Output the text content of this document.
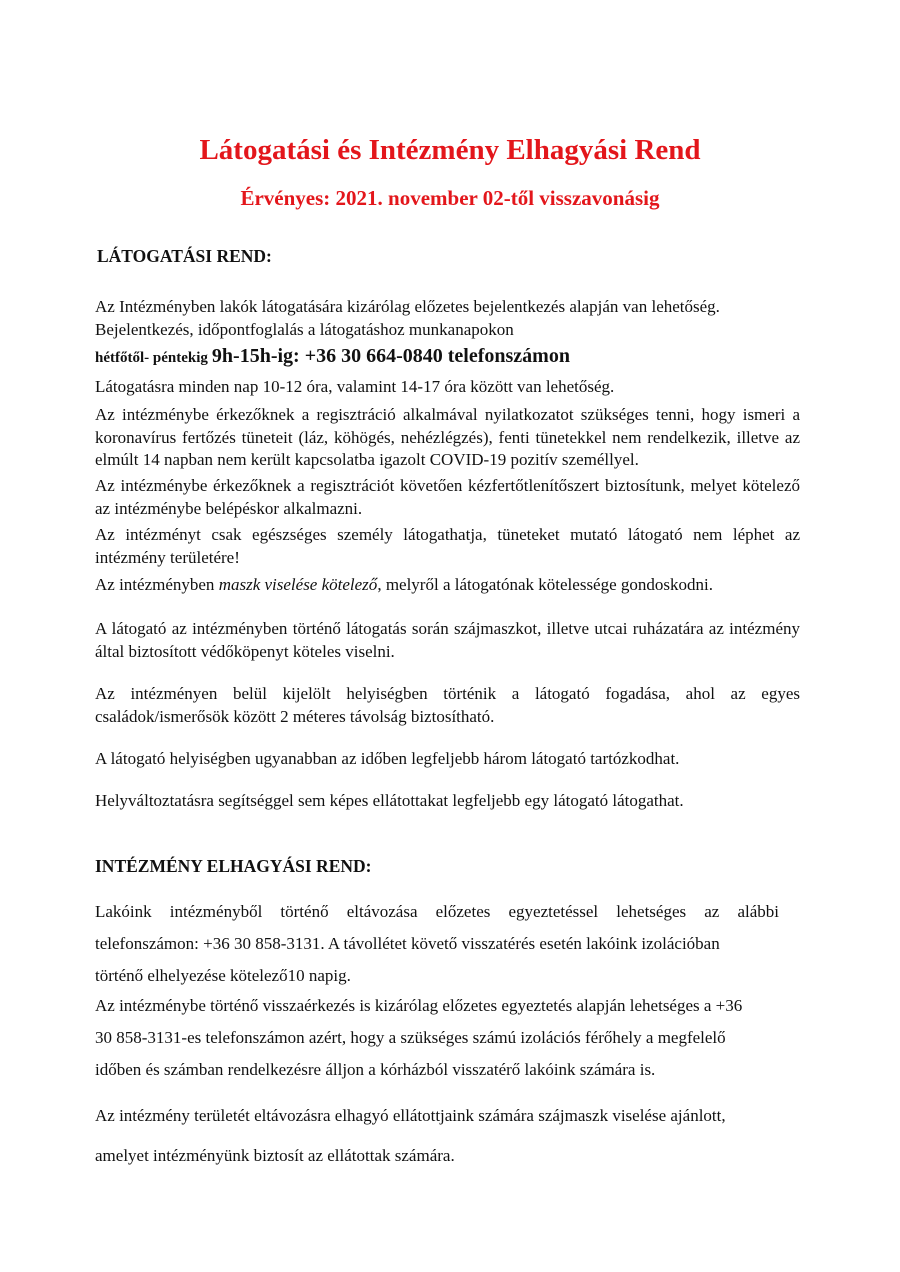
Látogatási és Intézmény Elhagyási Rend
Érvényes: 2021. november 02-től visszavonásig
LÁTOGATÁSI REND:

Az Intézményben lakók látogatására kizárólag előzetes bejelentkezés alapján van lehetőség.
Bejelentkezés, időpontfoglalás a látogatáshoz munkanapokon

hétfőtől- péntekig 9h-15h-ig: +36 30 664-0840 telefonszámon

Látogatásra minden nap 10-12 óra, valamint 14-17 óra között van lehetőség.

Az intézménybe érkezőknek a regisztráció alkalmával nyilatkozatot szükséges tenni, hogy ismeri a koronavírus fertőzés tüneteit (láz, köhögés, nehézlégzés), fenti tünetekkel nem rendelkezik, illetve az elmúlt 14 napban nem került kapcsolatba igazolt COVID-19 pozitív személlyel.

Az intézménybe érkezőknek a regisztrációt követően kézfertőtlenítőszert biztosítunk, melyet kötelező az intézménybe belépéskor alkalmazni.

Az intézményt csak egészséges személy látogathatja, tüneteket mutató látogató nem léphet az intézmény területére!

Az intézményben maszk viselése kötelező, melyről a látogatónak kötelessége gondoskodni.

A látogató az intézményben történő látogatás során szájmaszkot, illetve utcai ruházatára az intézmény által biztosított védőköpenyt köteles viselni.

Az intézményen belül kijelölt helyiségben történik a látogató fogadása, ahol az egyes családok/ismerősök között 2 méteres távolság biztosítható.

A látogató helyiségben ugyanabban az időben legfeljebb három látogató tartózkodhat.

Helyváltoztatásra segítséggel sem képes ellátottakat legfeljebb egy látogató látogathat.

INTÉZMÉNY ELHAGYÁSI REND:

Lakóink intézményből történő eltávozása előzetes egyeztetéssel lehetséges az alábbi
telefonszámon: +36 30 858-3131. A távollétet követő visszatérés esetén lakóink izolációban
történő elhelyezése kötelező10 napig.

Az intézménybe történő visszaérkezés is kizárólag előzetes egyeztetés alapján lehetséges a +36
30 858-3131-es telefonszámon azért, hogy a szükséges számú izolációs férőhely a megfelelő
időben és számban rendelkezésre álljon a kórházból visszatérő lakóink számára is.

Az intézmény területét eltávozásra elhagyó ellátottjaink számára szájmaszk viselése ajánlott,
amelyet intézményünk biztosít az ellátottak számára.
